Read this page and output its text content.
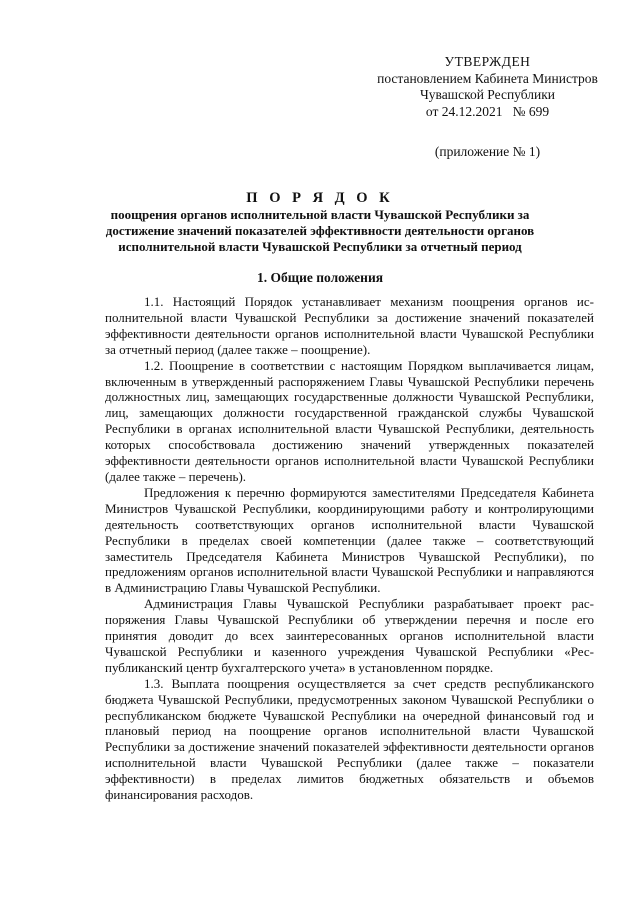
УТВЕРЖДЕН
постановлением Кабинета Министров
Чувашской Республики
от 24.12.2021   № 699
(приложение № 1)
П О Р Я Д О К
поощрения органов исполнительной власти Чувашской Республики за достижение значений показателей эффективности деятельности органов исполнительной власти Чувашской Республики за отчетный период
1. Общие положения

1.1. Настоящий Порядок устанавливает механизм поощрения органов исполнительной власти Чувашской Республики за достижение значений показателей эффективности деятельности органов исполнительной власти Чувашской Республики за отчетный период (далее также – поощрение).

1.2. Поощрение в соответствии с настоящим Порядком выплачивается лицам, включенным в утвержденный распоряжением Главы Чувашской Республики перечень должностных лиц, замещающих государственные должности Чувашской Республики, лиц, замещающих должности государственной гражданской службы Чувашской Республики в органах исполнительной власти Чувашской Республики, деятельность которых способствовала достижению значений утвержденных показателей эффективности деятельности органов исполнительной власти Чувашской Республики (далее также – перечень).

Предложения к перечню формируются заместителями Председателя Кабинета Министров Чувашской Республики, координирующими работу и контролирующими деятельность соответствующих органов исполнительной власти Чувашской Республики в пределах своей компетенции (далее также – соответствующий заместитель Председателя Кабинета Министров Чувашской Республики), по предложениям органов исполнительной власти Чувашской Республики и направляются в Администрацию Главы Чувашской Республики.

Администрация Главы Чувашской Республики разрабатывает проект распоряжения Главы Чувашской Республики об утверждении перечня и после его принятия доводит до всех заинтересованных органов исполнительной власти Чувашской Республики и казенного учреждения Чувашской Республики «Республиканский центр бухгалтерского учета» в установленном порядке.

1.3. Выплата поощрения осуществляется за счет средств республиканского бюджета Чувашской Республики, предусмотренных законом Чувашской Республики о республиканском бюджете Чувашской Республики на очередной финансовый год и плановый период на поощрение органов исполнительной власти Чувашской Республики за достижение значений показателей эффективности деятельности органов исполнительной власти Чувашской Республики (далее также – показатели эффективности) в пределах лимитов бюджетных обязательств и объемов финансирования расходов.
